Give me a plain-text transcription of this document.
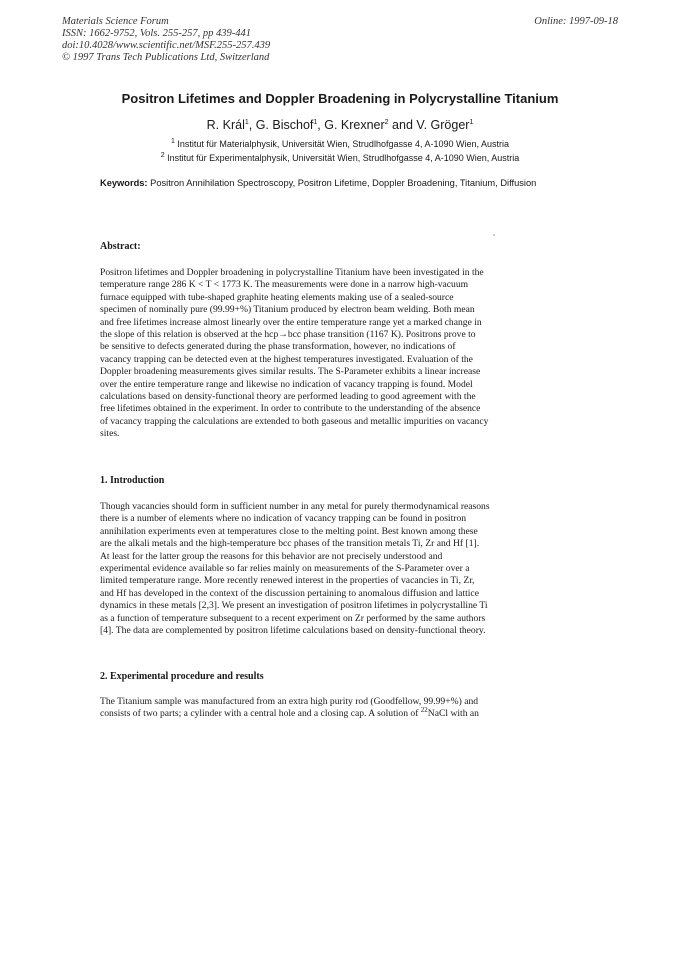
Materials Science Forum
ISSN: 1662-9752, Vols. 255-257, pp 439-441
doi:10.4028/www.scientific.net/MSF.255-257.439
© 1997 Trans Tech Publications Ltd, Switzerland
Online: 1997-09-18
Positron Lifetimes and Doppler Broadening in Polycrystalline Titanium
R. Král$^1$, G. Bischof$^1$, G. Krexner$^2$ and V. Gröger$^1$
$^1$ Institut für Materialphysik, Universität Wien, Strudlhofgasse 4, A-1090 Wien, Austria
$^2$ Institut für Experimentalphysik, Universität Wien, Strudlhofgasse 4, A-1090 Wien, Austria
Keywords: Positron Annihilation Spectroscopy, Positron Lifetime, Doppler Broadening, Titanium, Diffusion
Abstract:
Positron lifetimes and Doppler broadening in polycrystalline Titanium have been investigated in the
temperature range 286 K < T < 1773 K. The measurements were done in a narrow high-vacuum
furnace equipped with tube-shaped graphite heating elements making use of a sealed-source
specimen of nominally pure (99.99+%) Titanium produced by electron beam welding. Both mean
and free lifetimes increase almost linearly over the entire temperature range yet a marked change in
the slope of this relation is observed at the hcp→bcc phase transition (1167 K). Positrons prove to
be sensitive to defects generated during the phase transformation, however, no indications of
vacancy trapping can be detected even at the highest temperatures investigated. Evaluation of the
Doppler broadening measurements gives similar results. The S-Parameter exhibits a linear increase
over the entire temperature range and likewise no indication of vacancy trapping is found. Model
calculations based on density-functional theory are performed leading to good agreement with the
free lifetimes obtained in the experiment. In order to contribute to the understanding of the absence
of vacancy trapping the calculations are extended to both gaseous and metallic impurities on vacancy
sites.
1. Introduction
Though vacancies should form in sufficient number in any metal for purely thermodynamical reasons
there is a number of elements where no indication of vacancy trapping can be found in positron
annihilation experiments even at temperatures close to the melting point. Best known among these
are the alkali metals and the high-temperature bcc phases of the transition metals Ti, Zr and Hf [1].
At least for the latter group the reasons for this behavior are not precisely understood and
experimental evidence available so far relies mainly on measurements of the S-Parameter over a
limited temperature range. More recently renewed interest in the properties of vacancies in Ti, Zr,
and Hf has developed in the context of the discussion pertaining to anomalous diffusion and lattice
dynamics in these metals [2,3]. We present an investigation of positron lifetimes in polycrystalline Ti
as a function of temperature subsequent to a recent experiment on Zr performed by the same authors
[4]. The data are complemented by positron lifetime calculations based on density-functional theory.
2. Experimental procedure and results
The Titanium sample was manufactured from an extra high purity rod (Goodfellow, 99.99+%) and
consists of two parts; a cylinder with a central hole and a closing cap. A solution of $^{22}$NaCl with an
